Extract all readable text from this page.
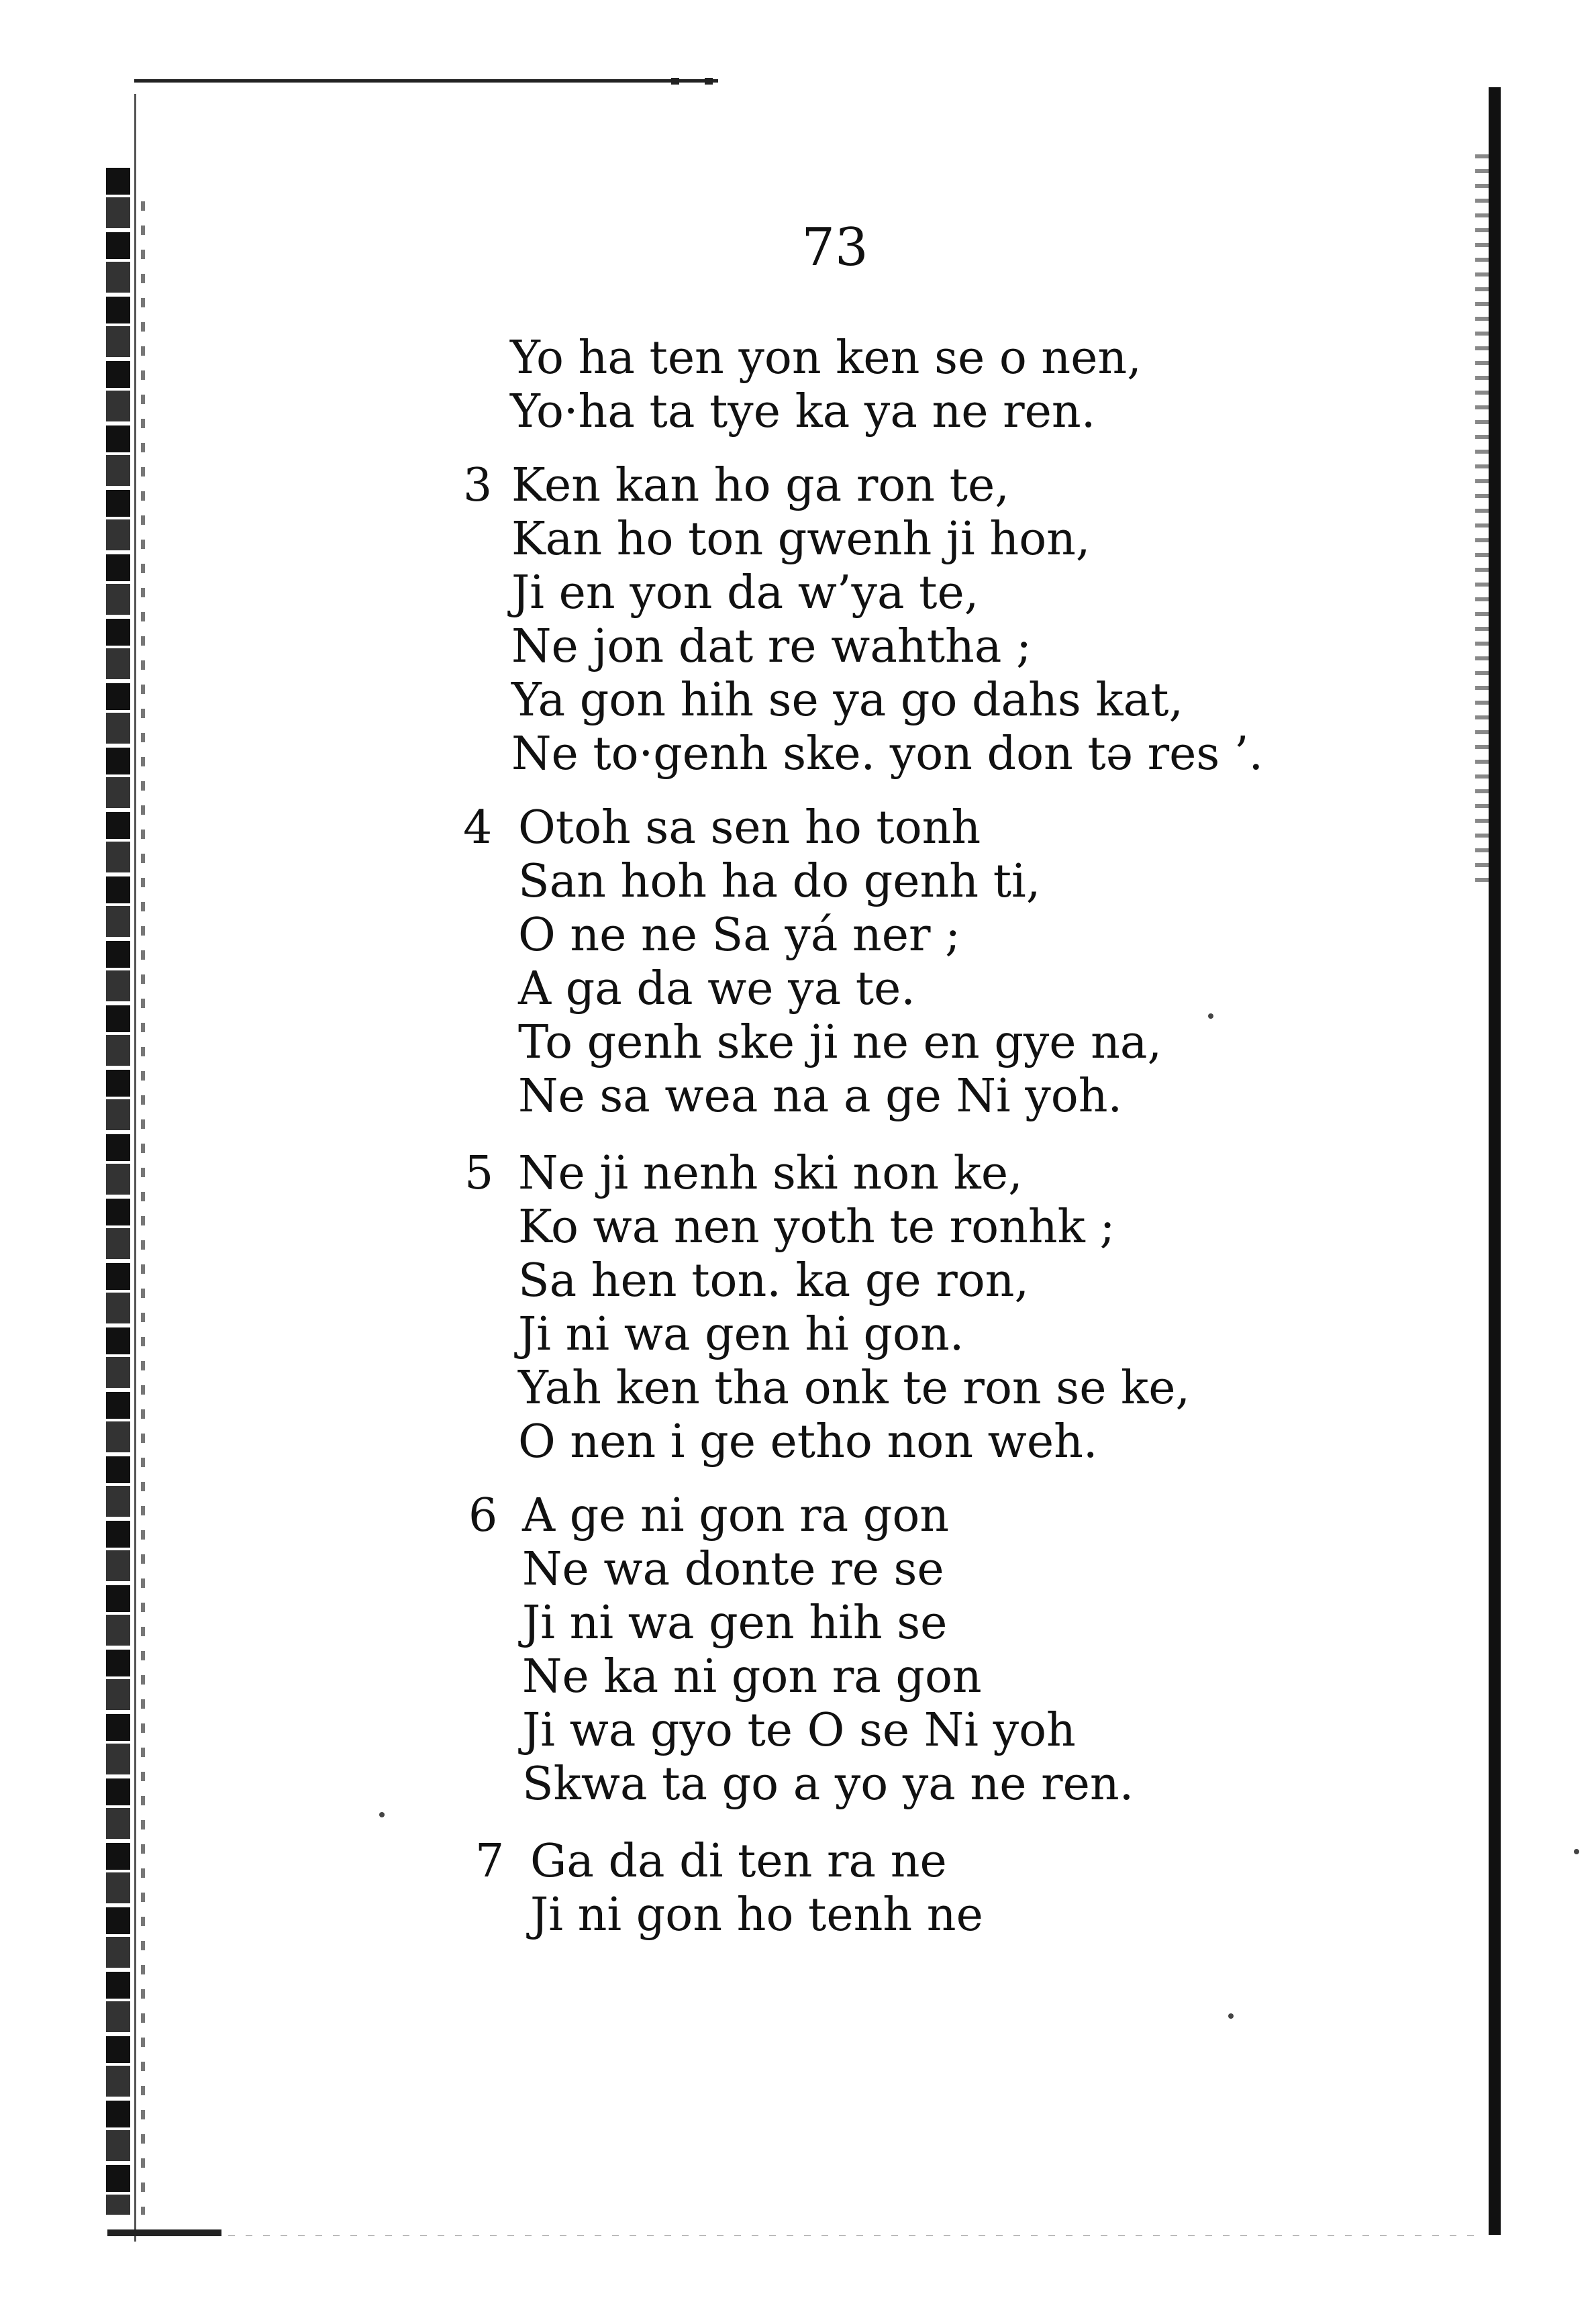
73
Yo ha ten yon ken se o nen,
Yo·ha ta tye ka ya ne ren.
3 Ken kan ho ga ron te,
Kan ho ton gwenh ji hon,
Ji en yon da w’ya te,
Ne jon dat re wahtha ;
Ya gon hih se ya go dahs kat,
Ne to·genh ske. yon don tə res ’.
4 Otoh sa sen ho tonh
San hoh ha do genh ti,
O ne ne Sa yá ner ;
A ga da we ya te.
To genh ske ji ne en gye na,
Ne sa wea na a ge Ni yoh.
5 Ne ji nenh ski non ke,
Ko wa nen yoth te ronhk ;
Sa hen ton. ka ge ron,
Ji ni wa gen hi gon.
Yah ken tha onk te ron se ke,
O nen i ge etho non weh.
6 A ge ni gon ra gon
Ne wa donte re se
Ji ni wa gen hih se
Ne ka ni gon ra gon
Ji wa gyo te O se Ni yoh
Skwa ta go a yo ya ne ren.
7 Ga da di ten ra ne
Ji ni gon ho tenh ne
